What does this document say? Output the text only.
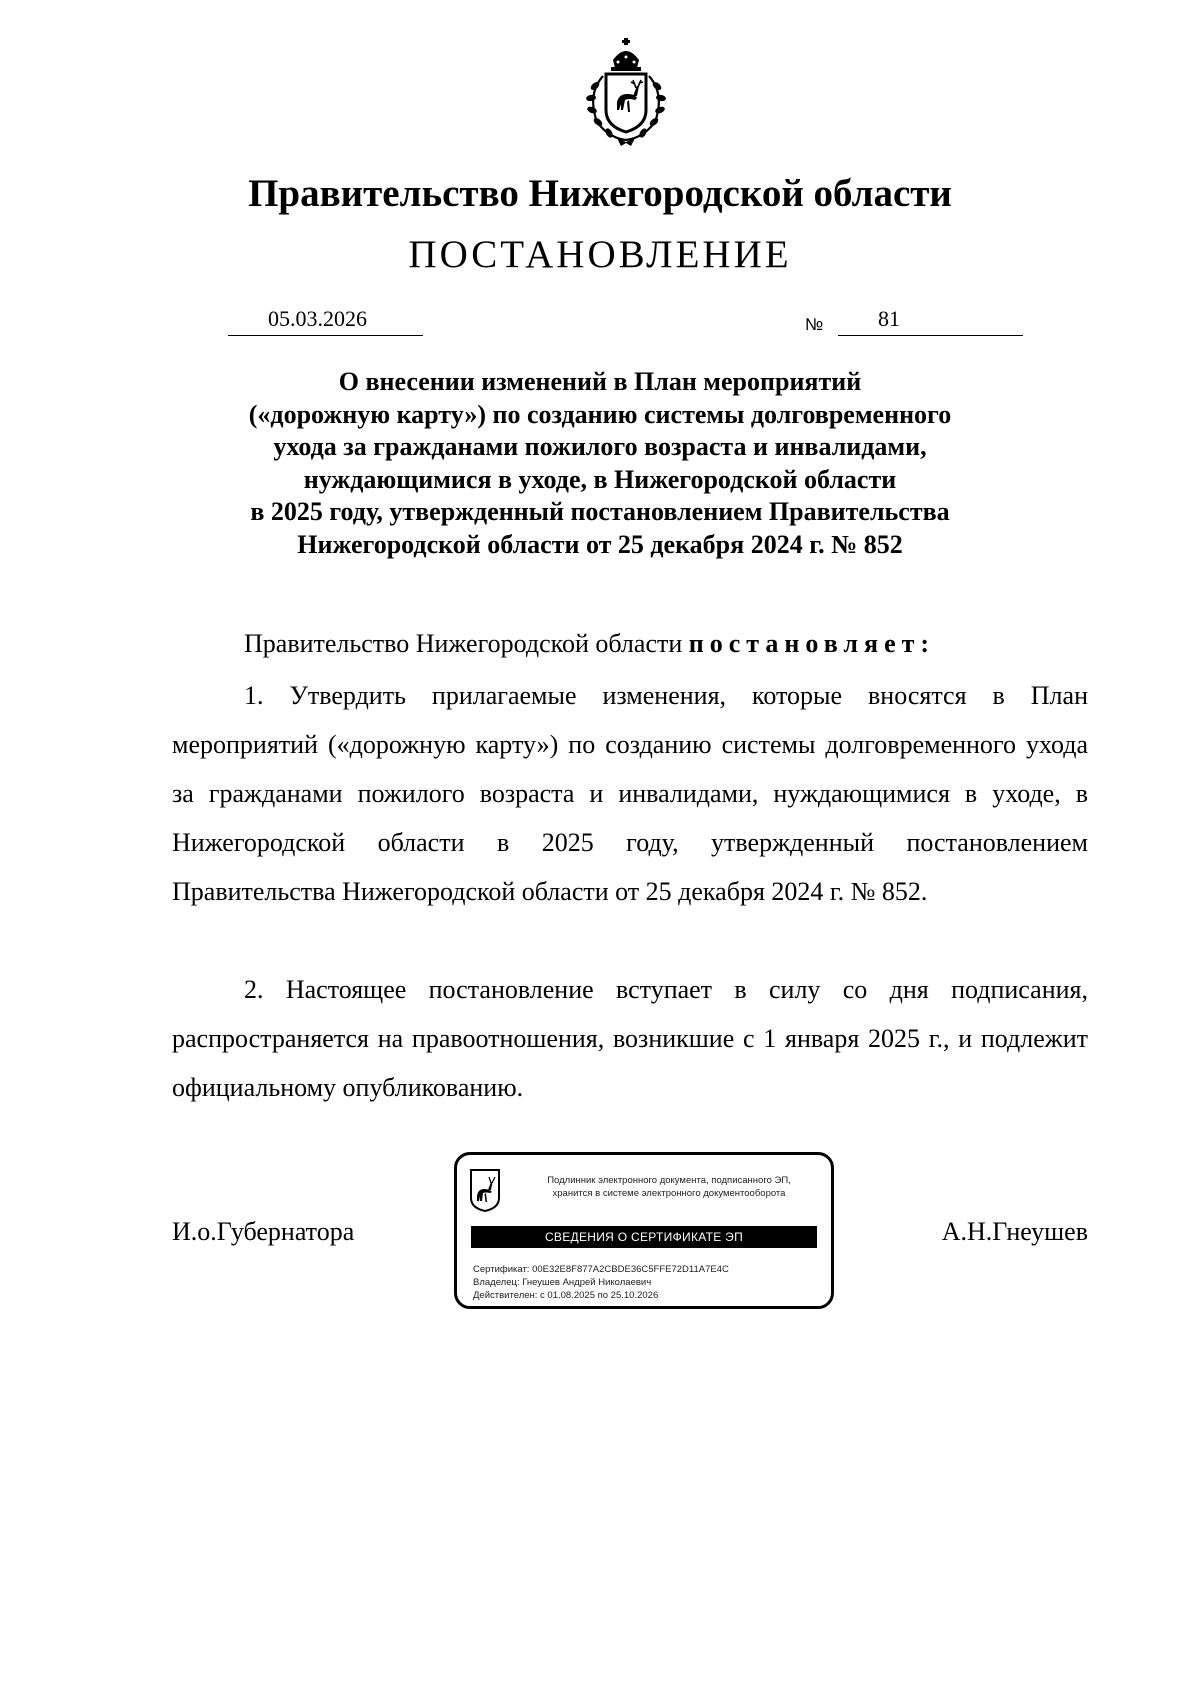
Правительство Нижегородской области
ПОСТАНОВЛЕНИЕ
05.03.2026	№ 81
О внесении изменений в План мероприятий
(«дорожную карту») по созданию системы долговременного
ухода за гражданами пожилого возраста и инвалидами,
нуждающимися в уходе, в Нижегородской области
в 2025 году, утвержденный постановлением Правительства
Нижегородской области от 25 декабря 2024 г. № 852
Правительство Нижегородской области постановляет:
1. Утвердить прилагаемые изменения, которые вносятся в План мероприятий («дорожную карту») по созданию системы долговременного ухода за гражданами пожилого возраста и инвалидами, нуждающимися в уходе, в Нижегородской области в 2025 году, утвержденный постановлением Правительства Нижегородской области от 25 декабря 2024 г. № 852.
2. Настоящее постановление вступает в силу со дня подписания, распространяется на правоотношения, возникшие с 1 января 2025 г., и подлежит официальному опубликованию.
И.о.Губернатора	А.Н.Гнеушев
Подлинник электронного документа, подписанного ЭП,
хранится в системе электронного документооборота
СВЕДЕНИЯ О СЕРТИФИКАТЕ ЭП
Сертификат: 00E32E8F877A2CBDE36C5FFE72D11A7E4C
Владелец: Гнеушев Андрей Николаевич
Действителен: с 01.08.2025 по 25.10.2026
